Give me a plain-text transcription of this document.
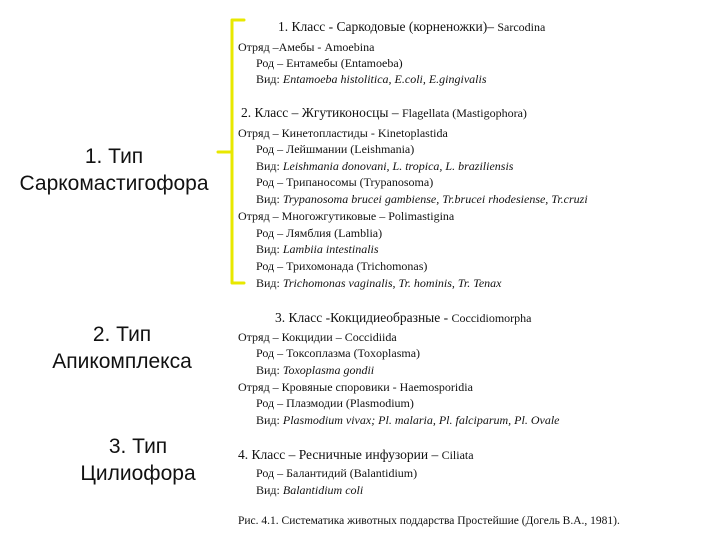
1. Тип
Саркомастигофора
2. Тип
Апикомплекса
3. Тип
Цилиофора
1. Класс - Саркодовые (корненожки)– Sarcodina
Отряд –Амебы - Amoebina
Род – Ентамебы (Entamoeba)
Вид: Entamoeba histolitica, E.coli, E.gingivalis
2. Класс – Жгутиконосцы – Flagellata (Mastigophora)
Отряд – Кинетопластиды - Kinetoplastida
Род – Лейшмании (Leishmania)
Вид: Leishmania donovani, L. tropica, L. braziliensis
Род – Трипаносомы (Trypanosoma)
Вид: Trypanosoma brucei gambiense, Tr.brucei rhodesiense, Tr.cruzi
Отряд – Многожгутиковые – Polimastigina
Род – Лямблия (Lamblia)
Вид: Lambiia intestinalis
Род – Трихомонада (Trichomonas)
Вид: Trichomonas vaginalis, Tr. hominis, Tr. Tenax
3. Класс -Кокцидиеобразные - Coccidiomorpha
Отряд – Кокцидии – Coccidiida
Род – Токсоплазма (Toxoplasma)
Вид: Toxoplasma gondii
Отряд – Кровяные споровики - Haemosporidia
Род – Плазмодии (Plasmodium)
Вид: Plasmodium vivax; Pl. malaria, Pl. falciparum, Pl. Ovale
4. Класс – Ресничные инфузории – Ciliata
Род – Балантидий (Balantidium)
Вид: Balantidium coli
Рис. 4.1. Систематика животных поддарства Простейшие (Догель В.А., 1981).
